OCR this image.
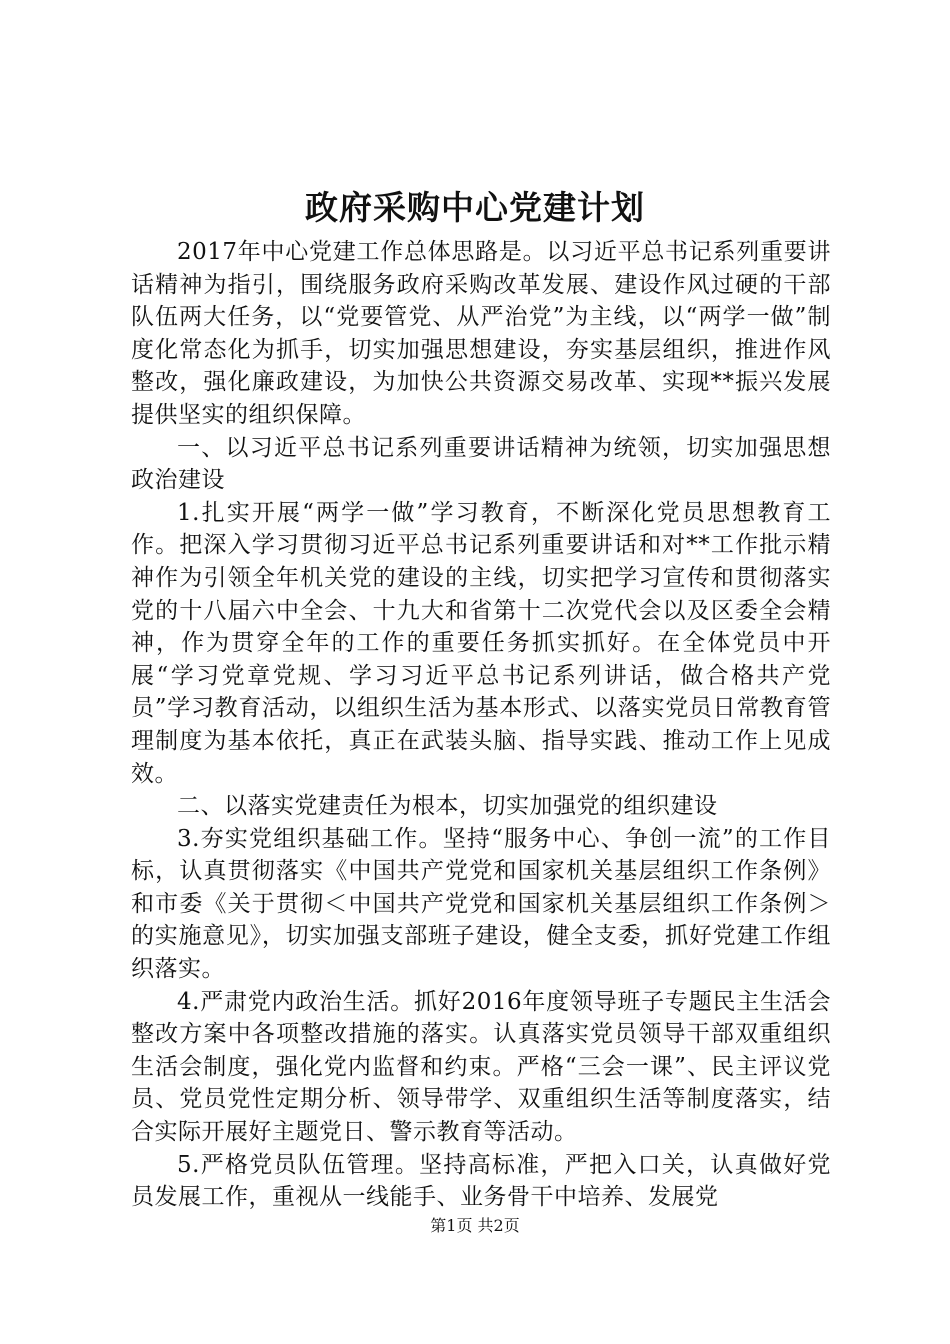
政府采购中心党建计划

2017年中心党建工作总体思路是。以习近平总书记系列重要讲话精神为指引，围绕服务政府采购改革发展、建设作风过硬的干部队伍两大任务，以“党要管党、从严治党”为主线，以“两学一做”制度化常态化为抓手，切实加强思想建设，夯实基层组织，推进作风整改，强化廉政建设，为加快公共资源交易改革、实现**振兴发展提供坚实的组织保障。

一、以习近平总书记系列重要讲话精神为统领，切实加强思想政治建设

1.扎实开展“两学一做”学习教育，不断深化党员思想教育工作。把深入学习贯彻习近平总书记系列重要讲话和对**工作批示精神作为引领全年机关党的建设的主线，切实把学习宣传和贯彻落实党的十八届六中全会、十九大和省第十二次党代会以及区委全会精神，作为贯穿全年的工作的重要任务抓实抓好。在全体党员中开展“学习党章党规、学习习近平总书记系列讲话，做合格共产党员”学习教育活动，以组织生活为基本形式、以落实党员日常教育管理制度为基本依托，真正在武装头脑、指导实践、推动工作上见成效。

二、以落实党建责任为根本，切实加强党的组织建设

3.夯实党组织基础工作。坚持“服务中心、争创一流”的工作目标，认真贯彻落实《中国共产党党和国家机关基层组织工作条例》和市委《关于贯彻＜中国共产党党和国家机关基层组织工作条例＞的实施意见》，切实加强支部班子建设，健全支委，抓好党建工作组织落实。

4.严肃党内政治生活。抓好2016年度领导班子专题民主生活会整改方案中各项整改措施的落实。认真落实党员领导干部双重组织生活会制度，强化党内监督和约束。严格“三会一课”、民主评议党员、党员党性定期分析、领导带学、双重组织生活等制度落实，结合实际开展好主题党日、警示教育等活动。

5.严格党员队伍管理。坚持高标准，严把入口关，认真做好党员发展工作，重视从一线能手、业务骨干中培养、发展党

第1页 共2页
